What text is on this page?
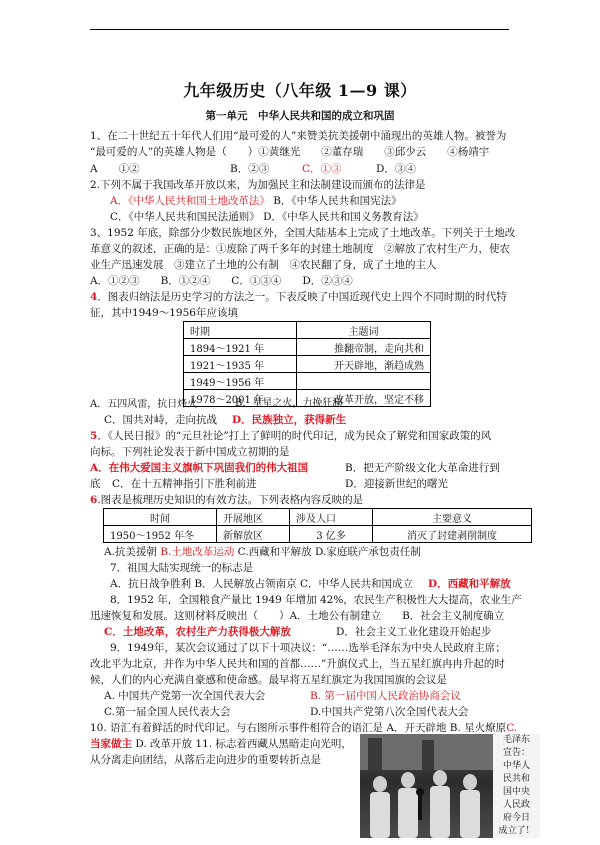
九年级历史（八年级 1—9 课）
第一单元　中华人民共和国的成立和巩固
1、在二十世纪五十年代人们用“最可爱的人”来赞美抗美援朝中涌现出的英雄人物。被誉为
“最可爱的人”的英雄人物是（　　）①黄继光　　②董存瑞　　③邱少云　　④杨靖宇
A　　①②	B．②③	C．①③	D．③④
2.下列不属于我国改革开放以来，为加强民主和法制建设而颁布的法律是
A．《中华人民共和国土地改革法》 B．《中华人民共和国宪法》
C．《中华人民共和国民法通则》 D．《中华人民共和国义务教育法》
3、1952 年底，除部分少数民族地区外，全国大陆基本上完成了土地改革。下列关于土地改
革意义的叙述，正确的是：①废除了两千多年的封建土地制度　②解放了农村生产力，使农
业生产迅速发展　③建立了土地的公有制　④农民翻了身，成了土地的主人
A．①②③　　B．①②④　　C．①③④　　D．②③④
4．图表归纳法是历史学习的方法之一。下表反映了中国近现代史上四个不同时期的时代特
征，其中1949～1956年应该填
时期	主题词
1894～1921 年	推翻帝制，走向共和
1921～1935 年	开天辟地，渐趋成熟
1949～1956 年	
1978～2001 年	改革开放，坚定不移
A．五四风雷，抗日烽火	B．星星之火，力挽狂澜
C．国共对峙，走向抗战 D．民族独立，获得新生
5．《人民日报》的“元旦社论”打上了鲜明的时代印记，成为民众了解党和国家政策的风
向标。下列社论发表于新中国成立初期的是
A．在伟大爱国主义旗帜下巩固我们的伟大祖国	B．把无产阶级文化大革命进行到
底 C．在十五精神指引下胜利前进	D．迎接新世纪的曙光
6.图表是梳理历史知识的有效方法。下列表格内容反映的是
时间	开展地区	涉及人口	主要意义
1950～1952 年冬	新解放区	3 亿多	消灭了封建剥削制度
A.抗美援朝 B.土地改革运动 C.西藏和平解放 D.家庭联产承包责任制
7．祖国大陆实现统一的标志是
A．抗日战争胜利 B．人民解放占领南京 C．中华人民共和国成立 D．西藏和平解放
8．1952 年，全国粮食产量比 1949 年增加 42%，农民生产积极性大大提高，农业生产
迅速恢复和发展。这则材料反映出（　　）A．土地公有制建立　　B．社会主义制度确立
C．土地改革，农村生产力获得极大解放	D．社会主义工业化建设开始起步
9．1949年，某次会议通过了以下十项决议：“……选举毛泽东为中央人民政府主席；
改北平为北京，并作为中华人民共和国的首都……”升旗仪式上，当五星红旗冉冉升起的时
候，人们的内心充满自豪感和使命感。最早将五星红旗定为我国国旗的会议是
A. 中国共产党第一次全国代表大会	B. 第一届中国人民政治协商会议
C.第一届全国人民代表大会	D.中国共产党第八次全国代表大会
10. 语汇有着鲜活的时代印记。与右图所示事件相符合的语汇是 A．开天辟地 B. 星火燎原C.
当家做主 D. 改革开放 11. 标志着西藏从黑暗走向光明，
从分离走向团结，从落后走向进步的重要转折点是
毛泽东
宣告：
中华人
民共和
国中央
人民政
府今日
成立了！
